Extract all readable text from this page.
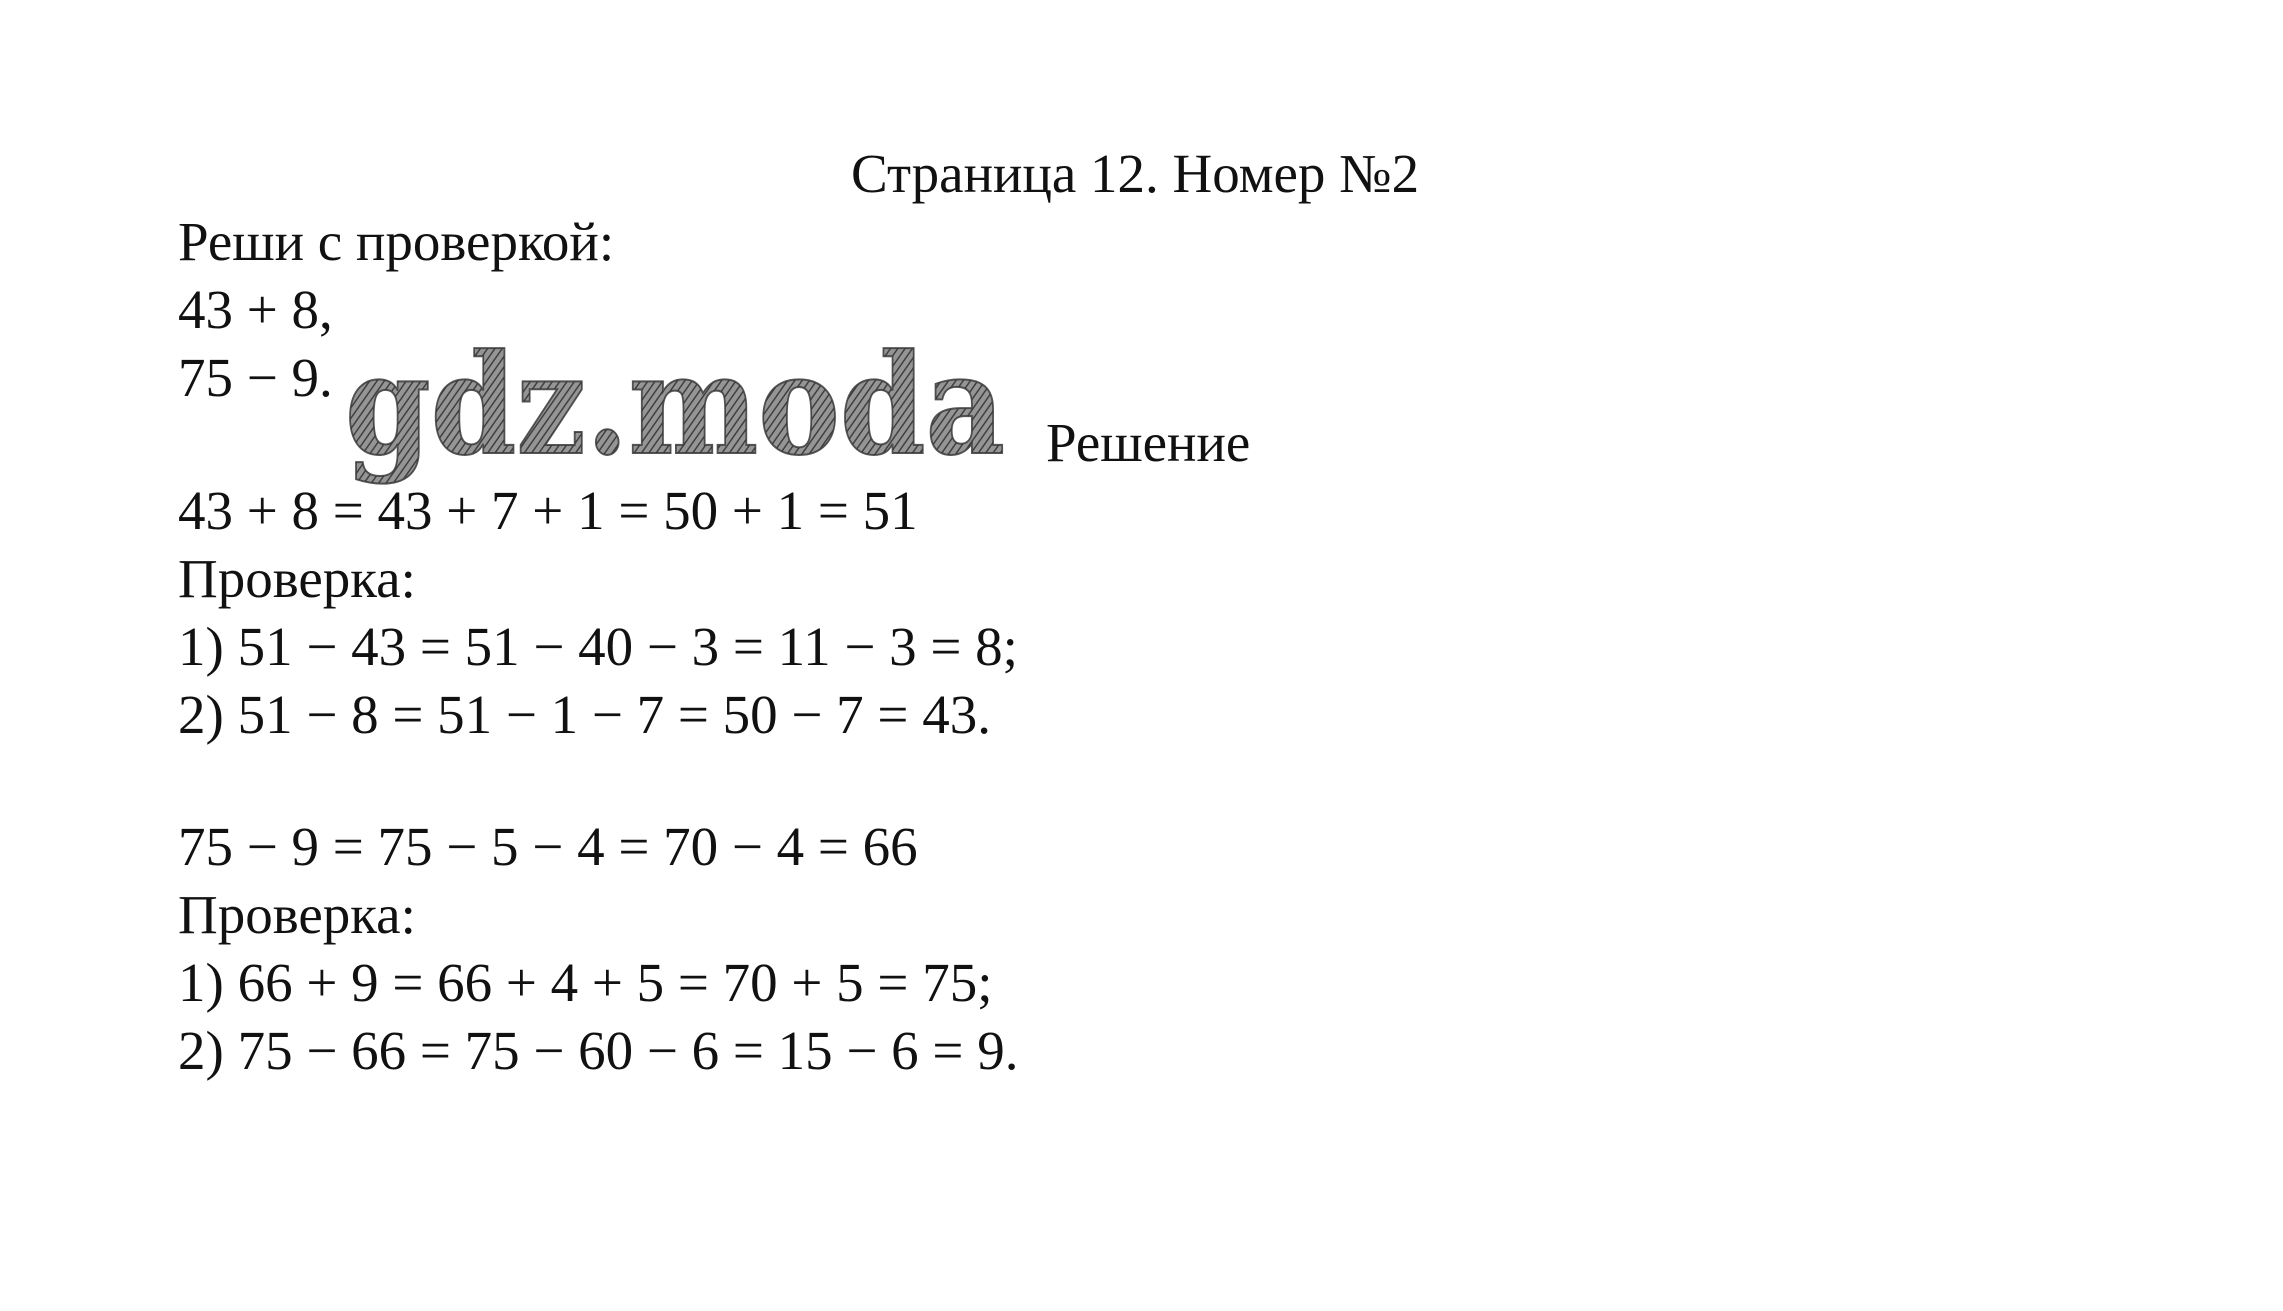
Страница 12. Номер №2

Реши с проверкой:

43 + 8,

75 − 9. gdz.moda Решение

43 + 8 = 43 + 7 + 1 = 50 + 1 = 51

Проверка:

1) 51 − 43 = 51 − 40 − 3 = 11 − 3 = 8;

2) 51 − 8 = 51 − 1 − 7 = 50 − 7 = 43.

75 − 9 = 75 − 5 − 4 = 70 − 4 = 66

Проверка:

1) 66 + 9 = 66 + 4 + 5 = 70 + 5 = 75;

2) 75 − 66 = 75 − 60 − 6 = 15 − 6 = 9.
